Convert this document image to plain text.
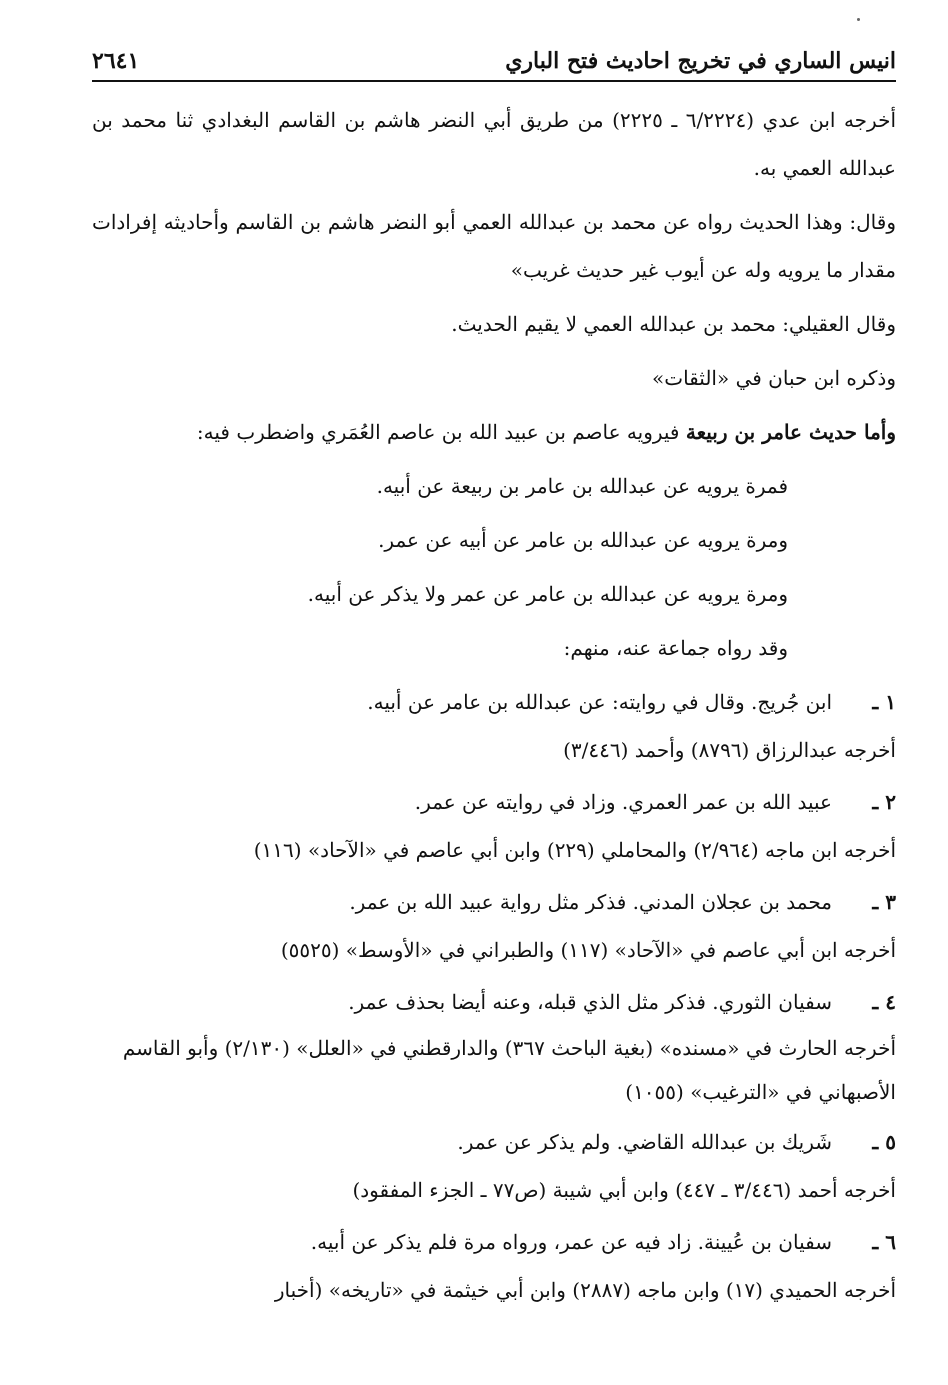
انيس الساري في تخريج احاديث فتح الباري
٢٦٤١

أخرجه ابن عدي (٦/٢٢٢٤ ـ ٢٢٢٥) من طريق أبي النضر هاشم بن القاسم البغدادي ثنا محمد بن عبدالله العمي به.

وقال: وهذا الحديث رواه عن محمد بن عبدالله العمي أبو النضر هاشم بن القاسم وأحاديثه إفرادات مقدار ما يرويه وله عن أيوب غير حديث غريب»

وقال العقيلي: محمد بن عبدالله العمي لا يقيم الحديث.

وذكره ابن حبان في «الثقات»

وأما حديث عامر بن ربيعة فيرويه عاصم بن عبيد الله بن عاصم العُمَري واضطرب فيه:

فمرة يرويه عن عبدالله بن عامر بن ربيعة عن أبيه.

ومرة يرويه عن عبدالله بن عامر عن أبيه عن عمر.

ومرة يرويه عن عبدالله بن عامر عن عمر ولا يذكر عن أبيه.

وقد رواه جماعة عنه، منهم:

١ ـ
ابن جُريج. وقال في روايته: عن عبدالله بن عامر عن أبيه.
أخرجه عبدالرزاق (٨٧٩٦) وأحمد (٣/٤٤٦)
٢ ـ
عبيد الله بن عمر العمري. وزاد في روايته عن عمر.
أخرجه ابن ماجه (٢/٩٦٤) والمحاملي (٢٢٩) وابن أبي عاصم في «الآحاد» (١١٦)
٣ ـ
محمد بن عجلان المدني. فذكر مثل رواية عبيد الله بن عمر.
أخرجه ابن أبي عاصم في «الآحاد» (١١٧) والطبراني في «الأوسط» (٥٥٢٥)
٤ ـ
سفيان الثوري. فذكر مثل الذي قبله، وعنه أيضا بحذف عمر.
أخرجه الحارث في «مسنده» (بغية الباحث ٣٦٧) والدارقطني في «العلل» (٢/١٣٠) وأبو القاسم الأصبهاني في «الترغيب» (١٠٥٥)
٥ ـ
شَريك بن عبدالله القاضي. ولم يذكر عن عمر.
أخرجه أحمد (٣/٤٤٦ ـ ٤٤٧) وابن أبي شيبة (ص٧٧ ـ الجزء المفقود)
٦ ـ
سفيان بن عُيينة. زاد فيه عن عمر، ورواه مرة فلم يذكر عن أبيه.
أخرجه الحميدي (١٧) وابن ماجه (٢٨٨٧) وابن أبي خيثمة في «تاريخه» (أخبار
